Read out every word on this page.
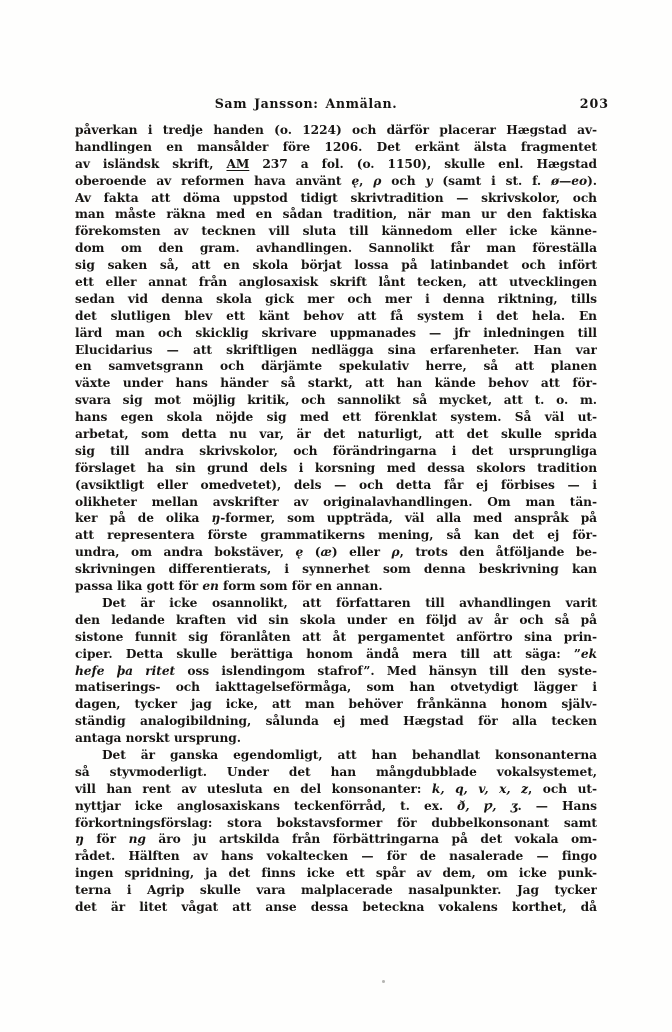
Sam Jansson: Anmälan.	203
påverkan i tredje handen (o. 1224) och därför placerar Hægstad av-
handlingen en mansålder före 1206. Det erkänt älsta fragmentet
av isländsk skrift, AM 237 a fol. (o. 1150), skulle enl. Hægstad
oberoende av reformen hava använt ę, ρ och y (samt i st. f. ø—eo).
Av fakta att döma uppstod tidigt skrivtradition — skrivskolor, och
man måste räkna med en sådan tradition, när man ur den faktiska
förekomsten av tecknen vill sluta till kännedom eller icke känne-
dom om den gram. avhandlingen. Sannolikt får man föreställa
sig saken så, att en skola börjat lossa på latinbandet och infört
ett eller annat från anglosaxisk skrift lånt tecken, att utvecklingen
sedan vid denna skola gick mer och mer i denna riktning, tills
det slutligen blev ett känt behov att få system i det hela. En
lärd man och skicklig skrivare uppmanades — jfr inledningen till
Elucidarius — att skriftligen nedlägga sina erfarenheter. Han var
en samvetsgrann och därjämte spekulativ herre, så att planen
växte under hans händer så starkt, att han kände behov att för-
svara sig mot möjlig kritik, och sannolikt så mycket, att t. o. m.
hans egen skola nöjde sig med ett förenklat system. Så väl ut-
arbetat, som detta nu var, är det naturligt, att det skulle sprida
sig till andra skrivskolor, och förändringarna i det ursprungliga
förslaget ha sin grund dels i korsning med dessa skolors tradition
(avsiktligt eller omedvetet), dels — och detta får ej förbises — i
olikheter mellan avskrifter av originalavhandlingen. Om man tän-
ker på de olika ŋ-former, som uppträda, väl alla med anspråk på
att representera förste grammatikerns mening, så kan det ej för-
undra, om andra bokstäver, ę (æ) eller ρ, trots den åtföljande be-
skrivningen differentierats, i synnerhet som denna beskrivning kan
passa lika gott för en form som för en annan.
Det är icke osannolikt, att författaren till avhandlingen varit
den ledande kraften vid sin skola under en följd av år och så på
sistone funnit sig föranlåten att åt pergamentet anförtro sina prin-
ciper. Detta skulle berättiga honom ändå mera till att säga: ”ek
hefe þa ritet oss islendingom stafrof”. Med hänsyn till den syste-
matiserings- och iakttagelseförmåga, som han otvetydigt lägger i
dagen, tycker jag icke, att man behöver frånkänna honom själv-
ständig analogibildning, sålunda ej med Hægstad för alla tecken
antaga norskt ursprung.
Det är ganska egendomligt, att han behandlat konsonanterna
så styvmoderligt. Under det han mångdubblade vokalsystemet,
vill han rent av utesluta en del konsonanter: k, q, v, x, z, och ut-
nyttjar icke anglosaxiskans teckenförråd, t. ex. ð, ƿ, ʒ. — Hans
förkortningsförslag: stora bokstavsformer för dubbelkonsonant samt
ŋ för ng äro ju artskilda från förbättringarna på det vokala om-
rådet. Hälften av hans vokaltecken — för de nasalerade — fingo
ingen spridning, ja det finns icke ett spår av dem, om icke punk-
terna i Agrip skulle vara malplacerade nasalpunkter. Jag tycker
det är litet vågat att anse dessa beteckna vokalens korthet, då
